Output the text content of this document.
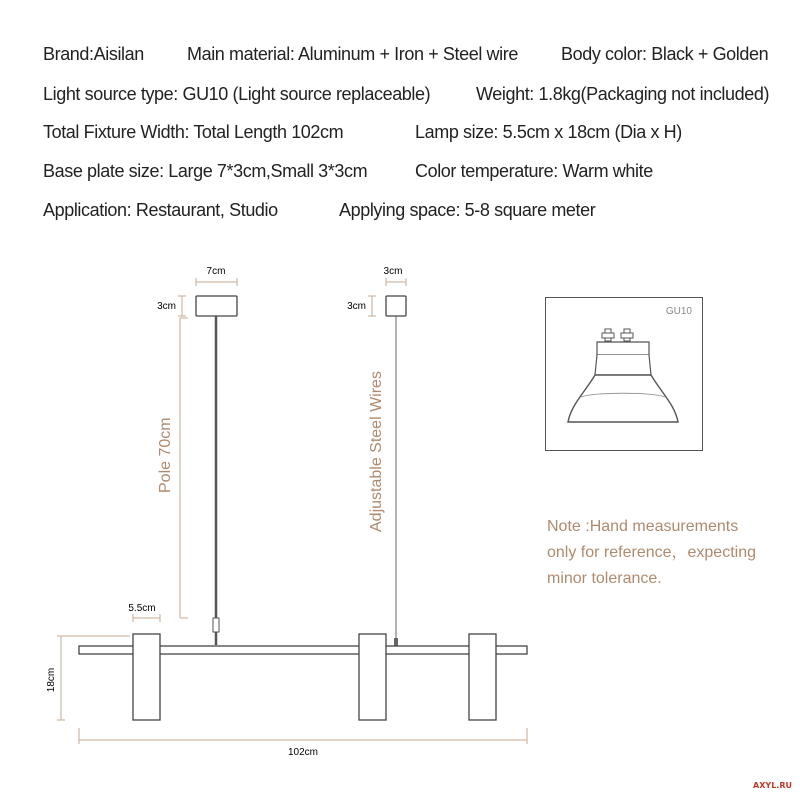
Brand:Aisilan Main material: Aluminum + Iron + Steel wire Body color: Black + Golden
Light source type: GU10 (Light source replaceable)	Weight: 1.8kg(Packaging not included)
Total Fixture Width: Total Length 102cm	Lamp size: 5.5cm x 18cm (Dia x H)
Base plate size: Large 7*3cm,Small 3*3cm	Color temperature: Warm white
Application: Restaurant, Studio	Applying space: 5-8 square meter
7cm
3cm
3cm
3cm
5.5cm
18cm
102cm
Pole 70cm	Adjustable Steel Wires
GU10
Note :Hand measurements
only for reference，expecting
minor tolerance.
AXYL.RU
